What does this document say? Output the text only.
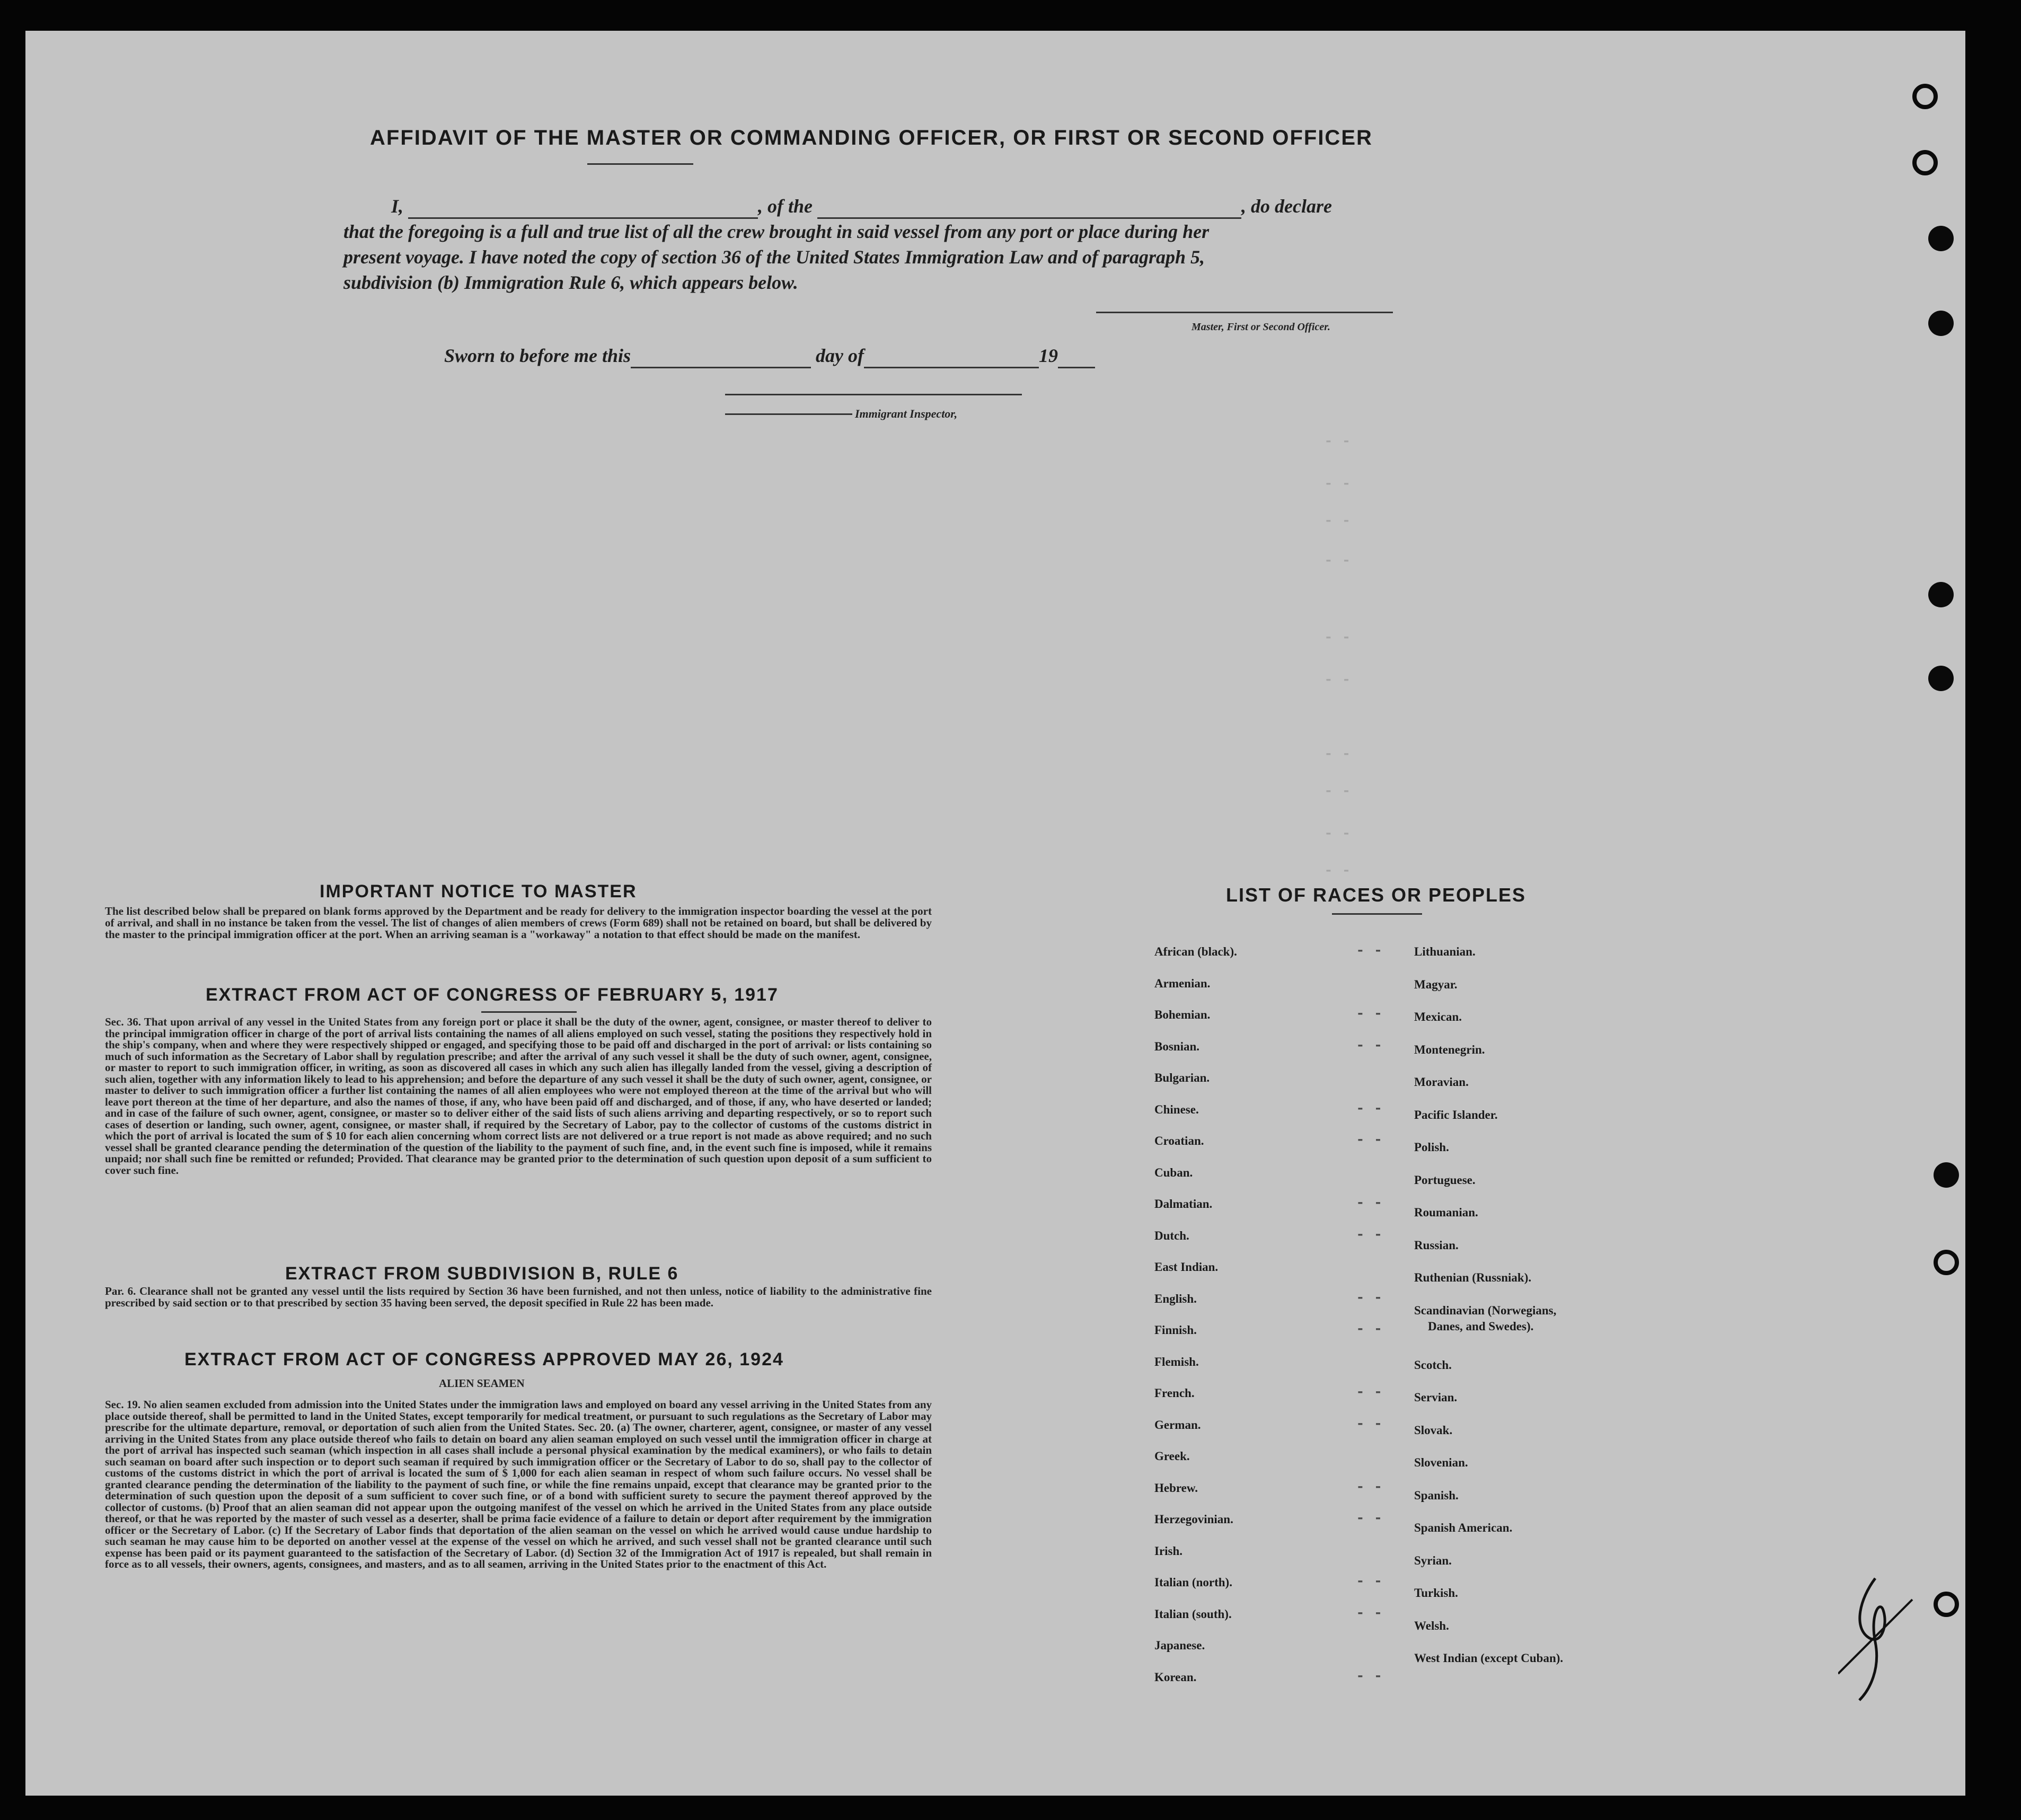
- -
- -
- -
- -
- -
- -
- -
- -
- -
- -
AFFIDAVIT OF THE MASTER OR COMMANDING OFFICER, OR FIRST OR SECOND OFFICER
I,	, of the	, do declare
that the foregoing is a full and true list of all the crew brought in said vessel from any port or place during her
present voyage. I have noted the copy of section 36 of the United States Immigration Law and of paragraph 5,
subdivision (b) Immigration Rule 6, which appears below.
Master, First or Second Officer.
Sworn to before me this	day of	19
Immigrant Inspector,
IMPORTANT NOTICE TO MASTER
The list described below shall be prepared on blank forms approved by the Department and be ready for delivery to the immigration inspector boarding the vessel at the port of arrival, and shall in no instance be taken from the vessel. The list of changes of alien members of crews (Form 689) shall not be retained on board, but shall be delivered by the master to the principal immigration officer at the port. When an arriving seaman is a "workaway" a notation to that effect should be made on the manifest.
EXTRACT FROM ACT OF CONGRESS OF FEBRUARY 5, 1917
Sec. 36. That upon arrival of any vessel in the United States from any foreign port or place it shall be the duty of the owner, agent, consignee, or master thereof to deliver to the principal immigration officer in charge of the port of arrival lists containing the names of all aliens employed on such vessel, stating the positions they respectively hold in the ship's company, when and where they were respectively shipped or engaged, and specifying those to be paid off and discharged in the port of arrival: or lists containing so much of such information as the Secretary of Labor shall by regulation prescribe; and after the arrival of any such vessel it shall be the duty of such owner, agent, consignee, or master to report to such immigration officer, in writing, as soon as discovered all cases in which any such alien has illegally landed from the vessel, giving a description of such alien, together with any information likely to lead to his apprehension; and before the departure of any such vessel it shall be the duty of such owner, agent, consignee, or master to deliver to such immigration officer a further list containing the names of all alien employees who were not employed thereon at the time of the arrival but who will leave port thereon at the time of her departure, and also the names of those, if any, who have been paid off and discharged, and of those, if any, who have deserted or landed; and in case of the failure of such owner, agent, consignee, or master so to deliver either of the said lists of such aliens arriving and departing respectively, or so to report such cases of desertion or landing, such owner, agent, consignee, or master shall, if required by the Secretary of Labor, pay to the collector of customs of the customs district in which the port of arrival is located the sum of $ 10 for each alien concerning whom correct lists are not delivered or a true report is not made as above required; and no such vessel shall be granted clearance pending the determination of the question of the liability to the payment of such fine, and, in the event such fine is imposed, while it remains unpaid; nor shall such fine be remitted or refunded; Provided. That clearance may be granted prior to the determination of such question upon deposit of a sum sufficient to cover such fine.
EXTRACT FROM SUBDIVISION B, RULE 6
Par. 6. Clearance shall not be granted any vessel until the lists required by Section 36 have been furnished, and not then unless, notice of liability to the administrative fine prescribed by said section or to that prescribed by section 35 having been served, the deposit specified in Rule 22 has been made.
EXTRACT FROM ACT OF CONGRESS APPROVED MAY 26, 1924
ALIEN SEAMEN
Sec. 19. No alien seamen excluded from admission into the United States under the immigration laws and employed on board any vessel arriving in the United States from any place outside thereof, shall be permitted to land in the United States, except temporarily for medical treatment, or pursuant to such regulations as the Secretary of Labor may prescribe for the ultimate departure, removal, or deportation of such alien from the United States. Sec. 20. (a) The owner, charterer, agent, consignee, or master of any vessel arriving in the United States from any place outside thereof who fails to detain on board any alien seaman employed on such vessel until the immigration officer in charge at the port of arrival has inspected such seaman (which inspection in all cases shall include a personal physical examination by the medical examiners), or who fails to detain such seaman on board after such inspection or to deport such seaman if required by such immigration officer or the Secretary of Labor to do so, shall pay to the collector of customs of the customs district in which the port of arrival is located the sum of $ 1,000 for each alien seaman in respect of whom such failure occurs. No vessel shall be granted clearance pending the determination of the liability to the payment of such fine, or while the fine remains unpaid, except that clearance may be granted prior to the determination of such question upon the deposit of a sum sufficient to cover such fine, or of a bond with sufficient surety to secure the payment thereof approved by the collector of customs. (b) Proof that an alien seaman did not appear upon the outgoing manifest of the vessel on which he arrived in the United States from any place outside thereof, or that he was reported by the master of such vessel as a deserter, shall be prima facie evidence of a failure to detain or deport after requirement by the immigration officer or the Secretary of Labor. (c) If the Secretary of Labor finds that deportation of the alien seaman on the vessel on which he arrived would cause undue hardship to such seaman he may cause him to be deported on another vessel at the expense of the vessel on which he arrived, and such vessel shall not be granted clearance until such expense has been paid or its payment guaranteed to the satisfaction of the Secretary of Labor. (d) Section 32 of the Immigration Act of 1917 is repealed, but shall remain in force as to all vessels, their owners, agents, consignees, and masters, and as to all seamen, arriving in the United States prior to the enactment of this Act.
LIST OF RACES OR PEOPLES
African (black).	- -
Armenian.
Bohemian.	- -
Bosnian.	- -
Bulgarian.
Chinese.	- -
Croatian.	- -
Cuban.
Dalmatian.	- -
Dutch.	- -
East Indian.
English.	- -
Finnish.	- -
Flemish.
French.	- -
German.	- -
Greek.
Hebrew.	- -
Herzegovinian.	- -
Irish.
Italian (north).	- -
Italian (south).	- -
Japanese.
Korean.	- -
Lithuanian.
Magyar.
Mexican.
Montenegrin.
Moravian.
Pacific Islander.
Polish.
Portuguese.
Roumanian.
Russian.
Ruthenian (Russniak).
Scandinavian (Norwegians,
Danes, and Swedes).
Scotch.
Servian.
Slovak.
Slovenian.
Spanish.
Spanish American.
Syrian.
Turkish.
Welsh.
West Indian (except Cuban).
